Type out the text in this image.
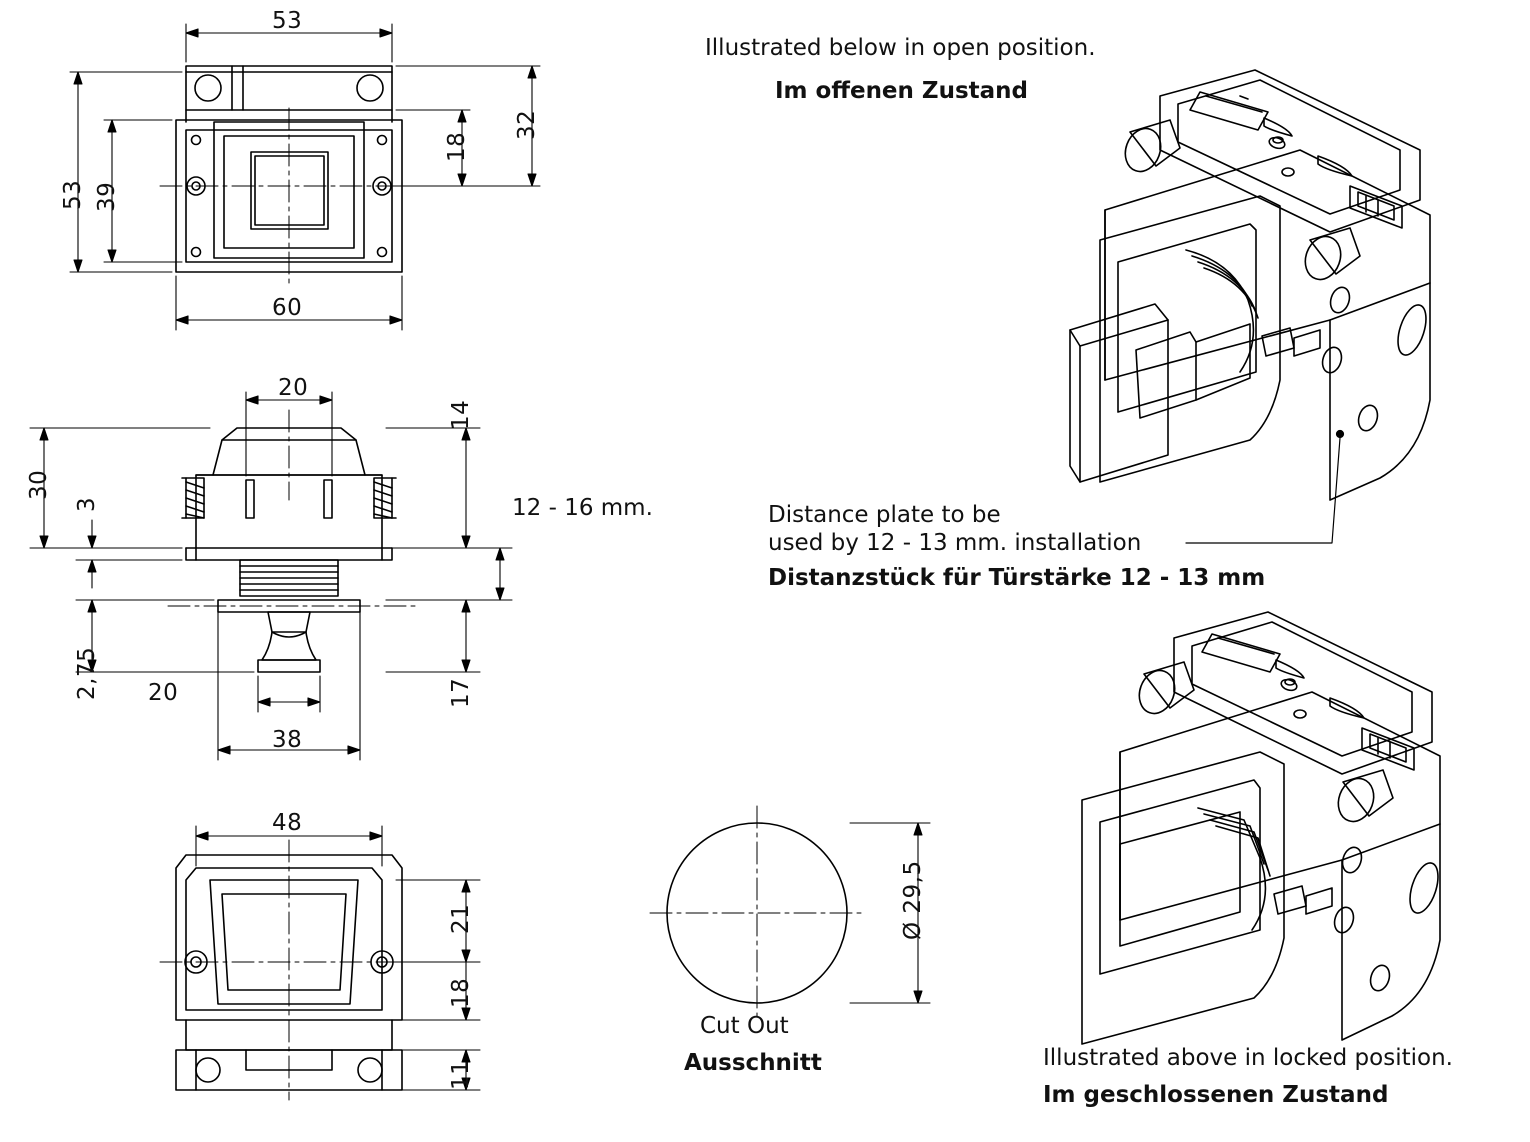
53
53 39
60
18
32
20
30
3
2,75
14
17
20
38
12 - 16 mm.
48
21
18
11
Ø 29,5
Cut Out
Ausschnitt
Illustrated below in open position.
Im offenen Zustand
Distance plate to be
used by 12 - 13 mm. installation
Distanzstück für Türstärke 12 - 13 mm
Illustrated above in locked position.
Im geschlossenen Zustand
